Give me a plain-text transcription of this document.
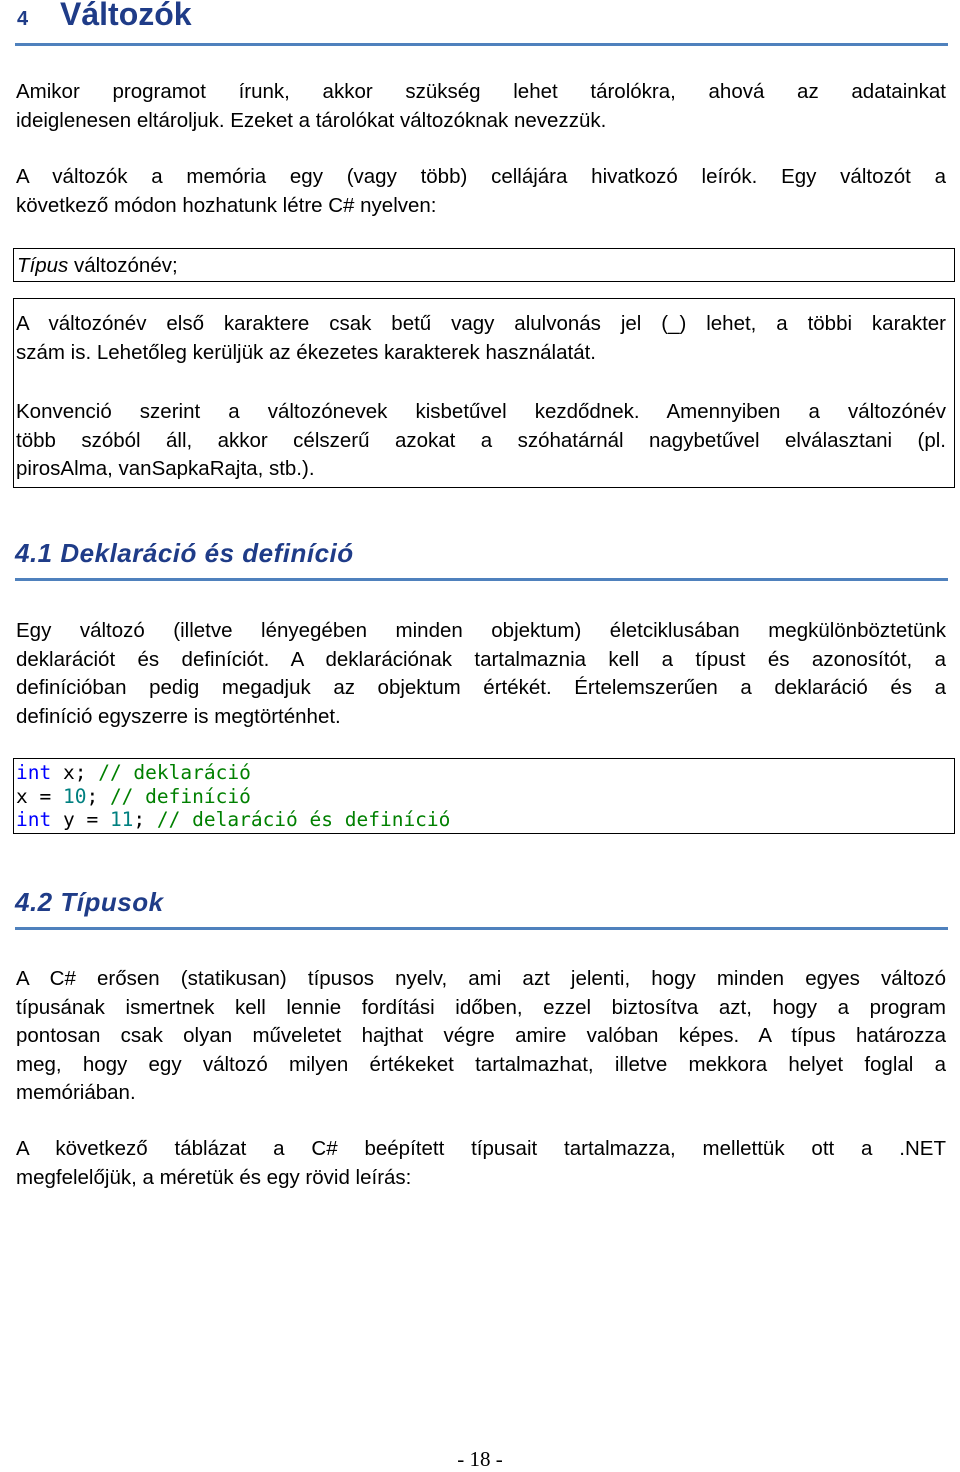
4 Változók
Amikor programot írunk, akkor szükség lehet tárolókra, ahová az adatainkat
ideiglenesen eltároljuk. Ezeket a tárolókat változóknak nevezzük.
A változók a memória egy (vagy több) cellájára hivatkozó leírók. Egy változót a
következő módon hozhatunk létre C# nyelven:
Típus változónév;
A változónév első karaktere csak betű vagy alulvonás jel (_) lehet, a többi karakter
szám is. Lehetőleg kerüljük az ékezetes karakterek használatát.
Konvenció szerint a változónevek kisbetűvel kezdődnek. Amennyiben a változónév
több szóból áll, akkor célszerű azokat a szóhatárnál nagybetűvel elválasztani (pl.
pirosAlma, vanSapkaRajta, stb.).
4.1 Deklaráció és definíció
Egy változó (illetve lényegében minden objektum) életciklusában megkülönböztetünk
deklarációt és definíciót. A deklarációnak tartalmaznia kell a típust és azonosítót, a
definícióban pedig megadjuk az objektum értékét. Értelemszerűen a deklaráció és a
definíció egyszerre is megtörténhet.
int x; // deklaráció
x = 10; // definíció
int y = 11; // delaráció és definíció
4.2 Típusok
A C# erősen (statikusan) típusos nyelv, ami azt jelenti, hogy minden egyes változó
típusának ismertnek kell lennie fordítási időben, ezzel biztosítva azt, hogy a program
pontosan csak olyan műveletet hajthat végre amire valóban képes. A típus határozza
meg, hogy egy változó milyen értékeket tartalmazhat, illetve mekkora helyet foglal a
memóriában.
A következő táblázat a C# beépített típusait tartalmazza, mellettük ott a .NET
megfelelőjük, a méretük és egy rövid leírás:
- 18 -
